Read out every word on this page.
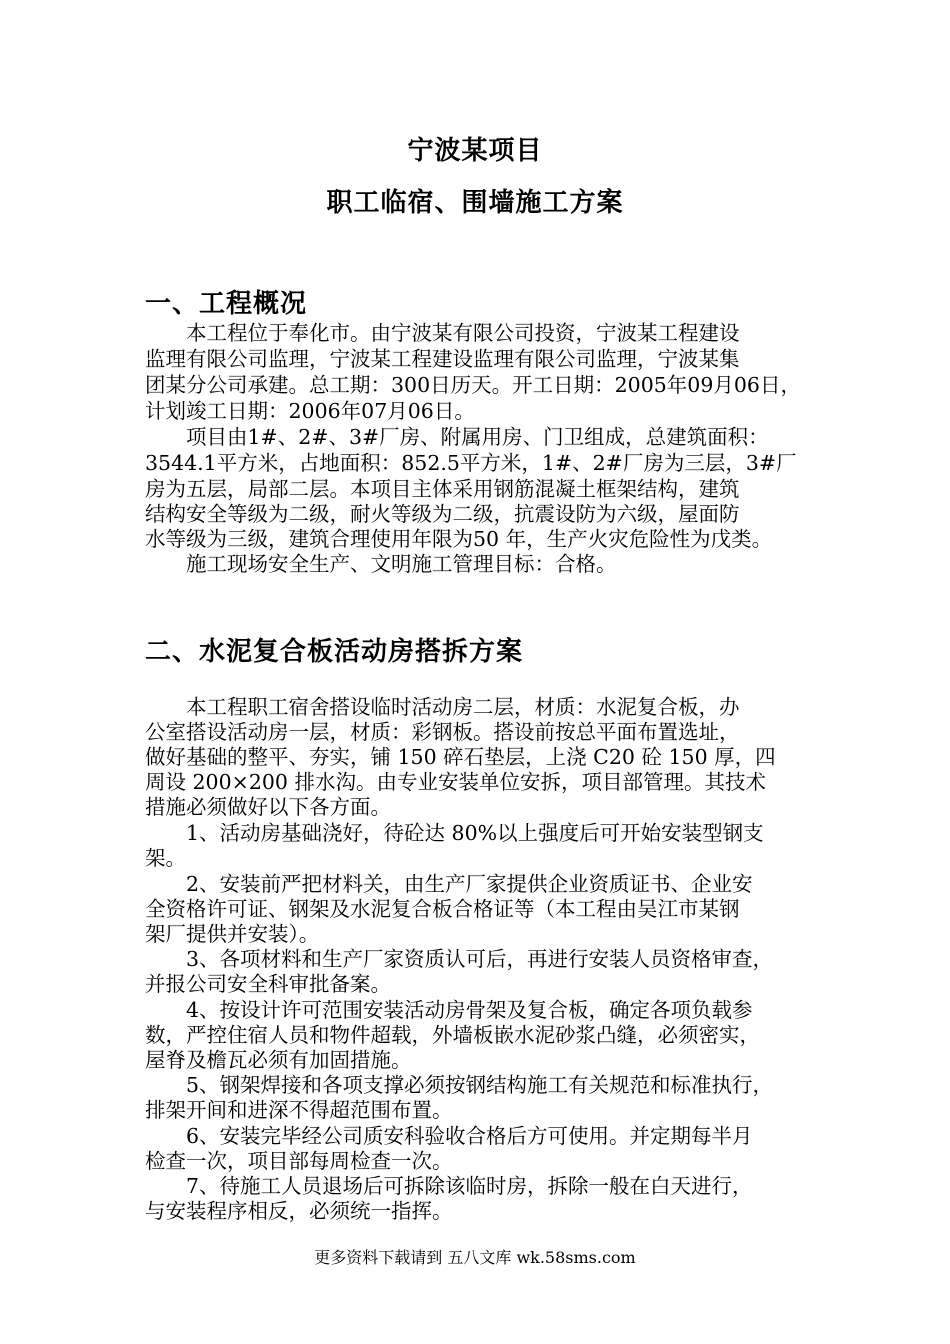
宁波某项目
职工临宿、围墙施工方案
一、工程概况
　　本工程位于奉化市。由宁波某有限公司投资，宁波某工程建设
监理有限公司监理，宁波某工程建设监理有限公司监理，宁波某集
团某分公司承建。总工期：300日历天。开工日期：2005年09月06日，
计划竣工日期：2006年07月06日。
　　项目由1#、2#、3#厂房、附属用房、门卫组成，总建筑面积：
3544.1平方米，占地面积：852.5平方米，1#、2#厂房为三层，3#厂
房为五层，局部二层。本项目主体采用钢筋混凝土框架结构，建筑
结构安全等级为二级，耐火等级为二级，抗震设防为六级，屋面防
水等级为三级，建筑合理使用年限为50 年，生产火灾危险性为戊类。
　　施工现场安全生产、文明施工管理目标：合格。
二、水泥复合板活动房搭拆方案
　　本工程职工宿舍搭设临时活动房二层，材质：水泥复合板，办
公室搭设活动房一层，材质：彩钢板。搭设前按总平面布置选址，
做好基础的整平、夯实，铺 150 碎石垫层，上浇 C20 砼 150 厚，四
周设 200×200 排水沟。由专业安装单位安拆，项目部管理。其技术
措施必须做好以下各方面。
　　1、活动房基础浇好，待砼达 80%以上强度后可开始安装型钢支
架。
　　2、安装前严把材料关，由生产厂家提供企业资质证书、企业安
全资格许可证、钢架及水泥复合板合格证等（本工程由吴江市某钢
架厂提供并安装）。
　　3、各项材料和生产厂家资质认可后，再进行安装人员资格审查，
并报公司安全科审批备案。
　　4、按设计许可范围安装活动房骨架及复合板，确定各项负载参
数，严控住宿人员和物件超载，外墙板嵌水泥砂浆凸缝，必须密实，
屋脊及檐瓦必须有加固措施。
　　5、钢架焊接和各项支撑必须按钢结构施工有关规范和标准执行，
排架开间和进深不得超范围布置。
　　6、安装完毕经公司质安科验收合格后方可使用。并定期每半月
检查一次，项目部每周检查一次。
　　7、待施工人员退场后可拆除该临时房，拆除一般在白天进行，
与安装程序相反，必须统一指挥。
更多资料下载请到 五八文库 wk.58sms.com
